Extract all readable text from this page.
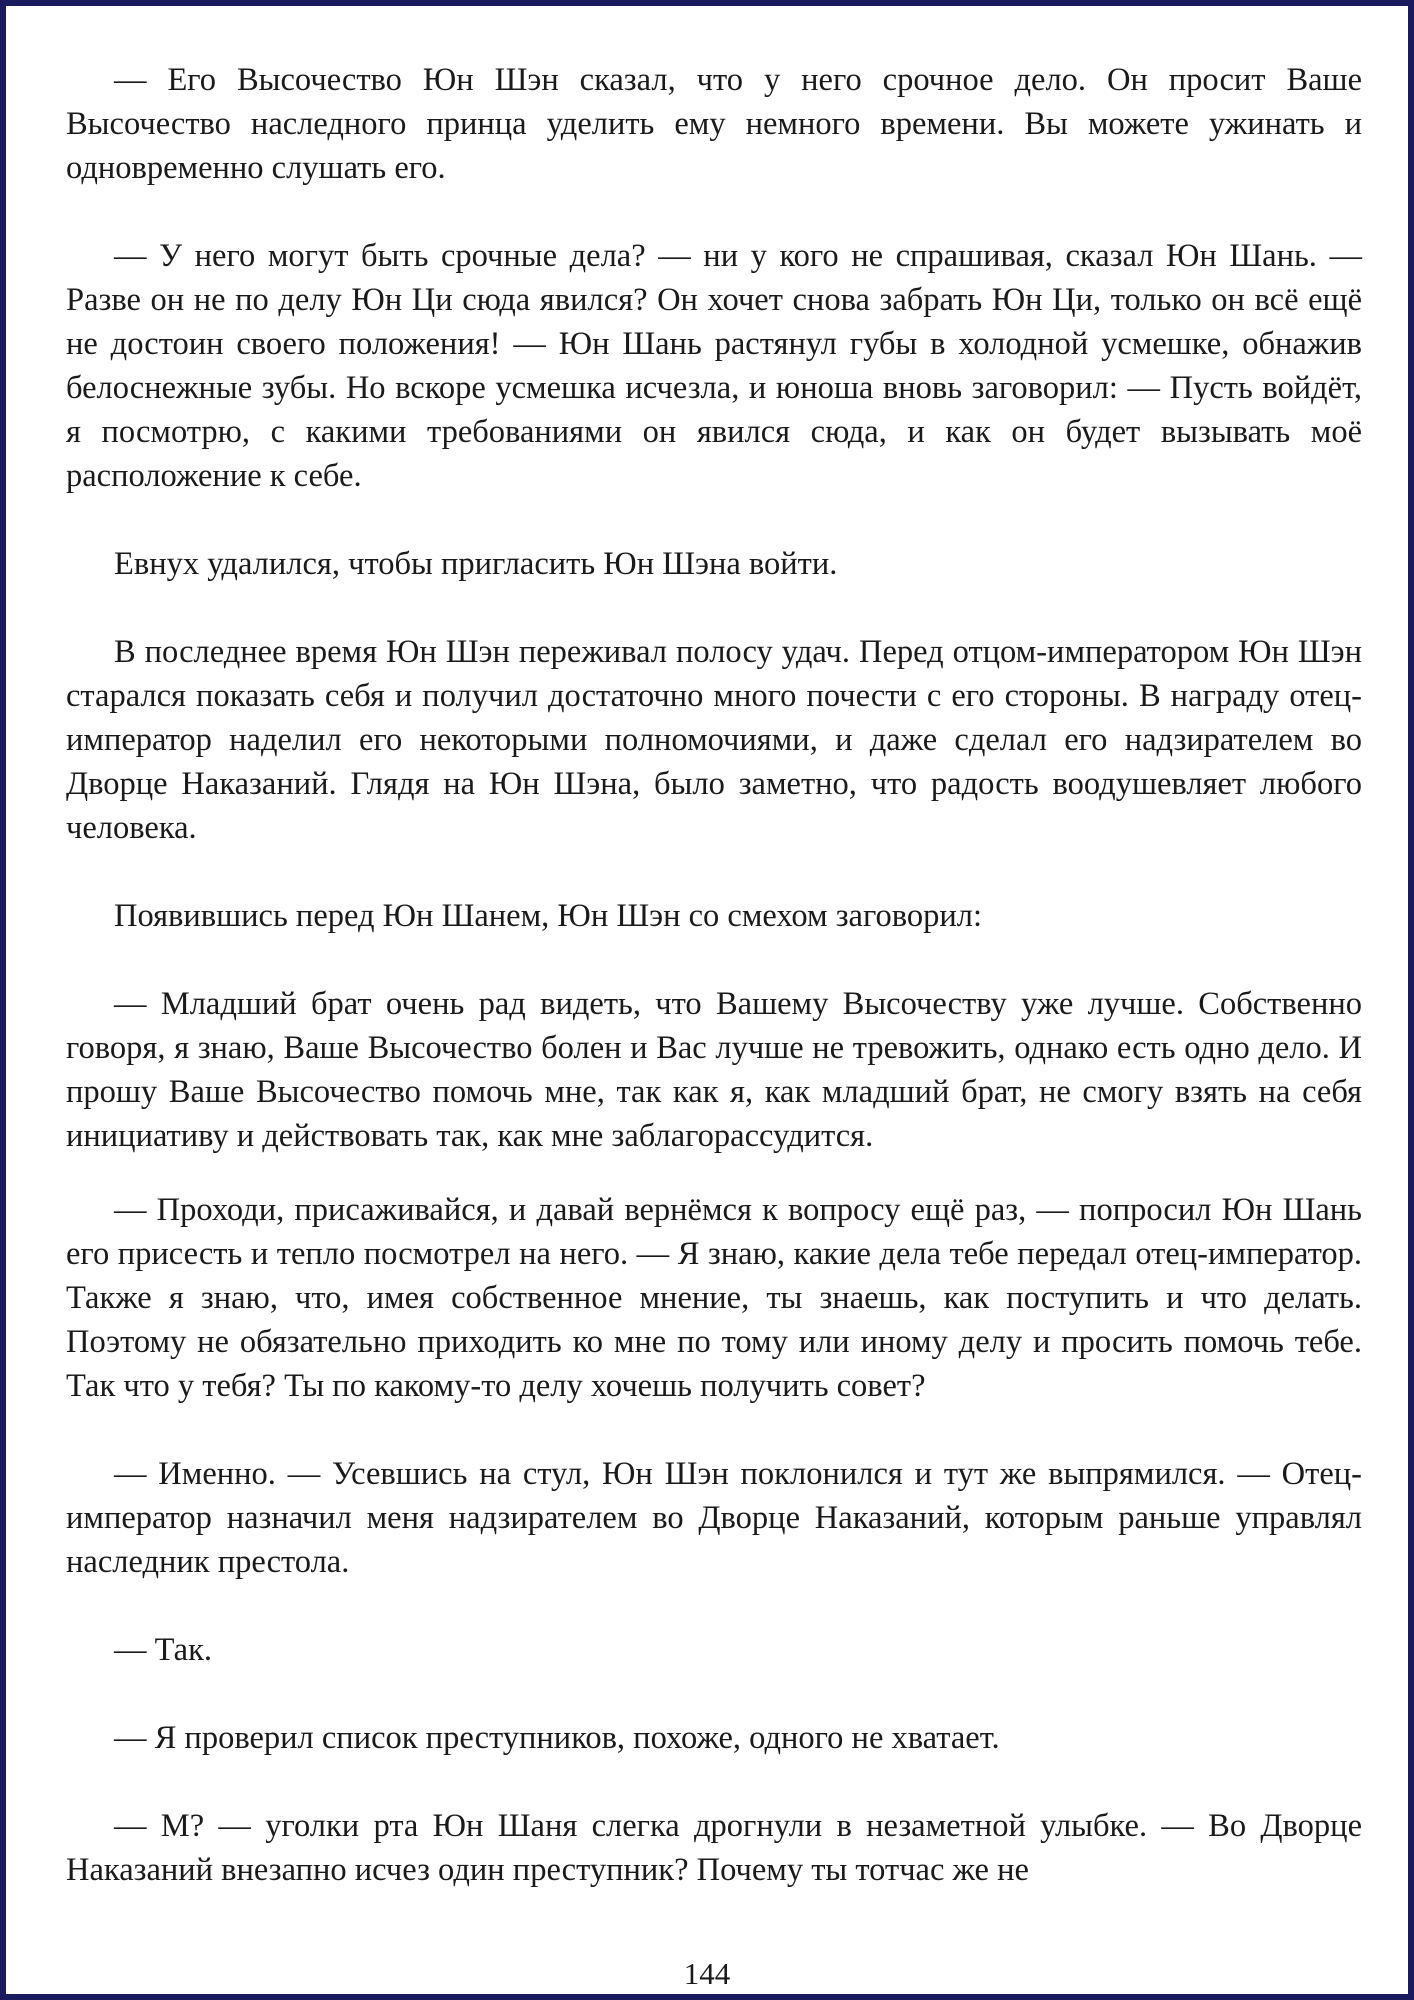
— Его Высочество Юн Шэн сказал, что у него срочное дело. Он просит Ваше Высочество наследного принца уделить ему немного времени. Вы можете ужинать и одновременно слушать его.

— У него могут быть срочные дела? — ни у кого не спрашивая, сказал Юн Шань. — Разве он не по делу Юн Ци сюда явился? Он хочет снова забрать Юн Ци, только он всё ещё не достоин своего положения! — Юн Шань растянул губы в холодной усмешке, обнажив белоснежные зубы. Но вскоре усмешка исчезла, и юноша вновь заговорил: — Пусть войдёт, я посмотрю, с какими требованиями он явился сюда, и как он будет вызывать моё расположение к себе.

Евнух удалился, чтобы пригласить Юн Шэна войти.

В последнее время Юн Шэн переживал полосу удач. Перед отцом-императором Юн Шэн старался показать себя и получил достаточно много почести с его стороны. В награду отец-император наделил его некоторыми полномочиями, и даже сделал его надзирателем во Дворце Наказаний. Глядя на Юн Шэна, было заметно, что радость воодушевляет любого человека.

Появившись перед Юн Шанем, Юн Шэн со смехом заговорил:

— Младший брат очень рад видеть, что Вашему Высочеству уже лучше. Собственно говоря, я знаю, Ваше Высочество болен и Вас лучше не тревожить, однако есть одно дело. И прошу Ваше Высочество помочь мне, так как я, как младший брат, не смогу взять на себя инициативу и действовать так, как мне заблагорассудится.

— Проходи, присаживайся, и давай вернёмся к вопросу ещё раз, — попросил Юн Шань его присесть и тепло посмотрел на него. — Я знаю, какие дела тебе передал отец-император. Также я знаю, что, имея собственное мнение, ты знаешь, как поступить и что делать. Поэтому не обязательно приходить ко мне по тому или иному делу и просить помочь тебе. Так что у тебя? Ты по какому-то делу хочешь получить совет?

— Именно. — Усевшись на стул, Юн Шэн поклонился и тут же выпрямился. — Отец-император назначил меня надзирателем во Дворце Наказаний, которым раньше управлял наследник престола.

— Так.

— Я проверил список преступников, похоже, одного не хватает.

— М? — уголки рта Юн Шаня слегка дрогнули в незаметной улыбке. — Во Дворце Наказаний внезапно исчез один преступник? Почему ты тотчас же не

144
